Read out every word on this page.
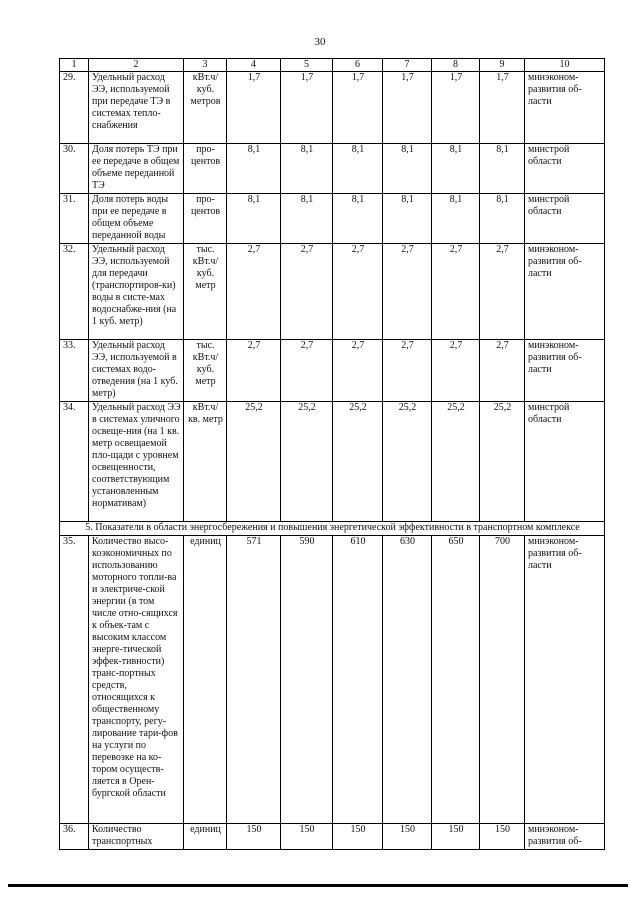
30
1	2	3	4	5	6	7	8	9	10
29.	Удельный расход ЭЭ, используемой при передаче ТЭ в системах тепло-снабжения	кВт.ч/ куб. метров	1,7	1,7	1,7	1,7	1,7	1,7	минэконом-развития об-ласти
30.	Доля потерь ТЭ при ее передаче в общем объеме переданной ТЭ	про-центов	8,1	8,1	8,1	8,1	8,1	8,1	минстрой области
31.	Доля потерь воды при ее передаче в общем объеме переданной воды	про-центов	8,1	8,1	8,1	8,1	8,1	8,1	минстрой области
32.	Удельный расход ЭЭ, используемой для передачи (транспортиров-ки) воды в систе-мах водоснабже-ния (на 1 куб. метр)	тыс. кВт.ч/ куб. метр	2,7	2,7	2,7	2,7	2,7	2,7	минэконом-развития об-ласти
33.	Удельный расход ЭЭ, используемой в системах водо-отведения (на 1 куб. метр)	тыс. кВт.ч/ куб. метр	2,7	2,7	2,7	2,7	2,7	2,7	минэконом-развития об-ласти
34.	Удельный расход ЭЭ в системах уличного освеще-ния (на 1 кв. метр освещаемой пло-щади с уровнем освещенности, соответствующим установленным нормативам)	кВт.ч/ кв. метр	25,2	25,2	25,2	25,2	25,2	25,2	минстрой области
5. Показатели в области энергосбережения и повышения энергетической эффективности в транспортном комплексе									
35.	Количество высо-коэкономичных по использованию моторного топли-ва и электриче-ской энергии (в том числе отно-сящихся к объек-там с высоким классом энерге-тической эффек-тивности) транс-портных средств, относящихся к общественному транспорту, регу-лирование тари-фов на услуги по перевозке на ко-тором осуществ-ляется в Орен-бургской области	единиц	571	590	610	630	650	700	минэконом-развития об-ласти
36.	Количество транспортных	единиц	150	150	150	150	150	150	минэконом-развития об-
